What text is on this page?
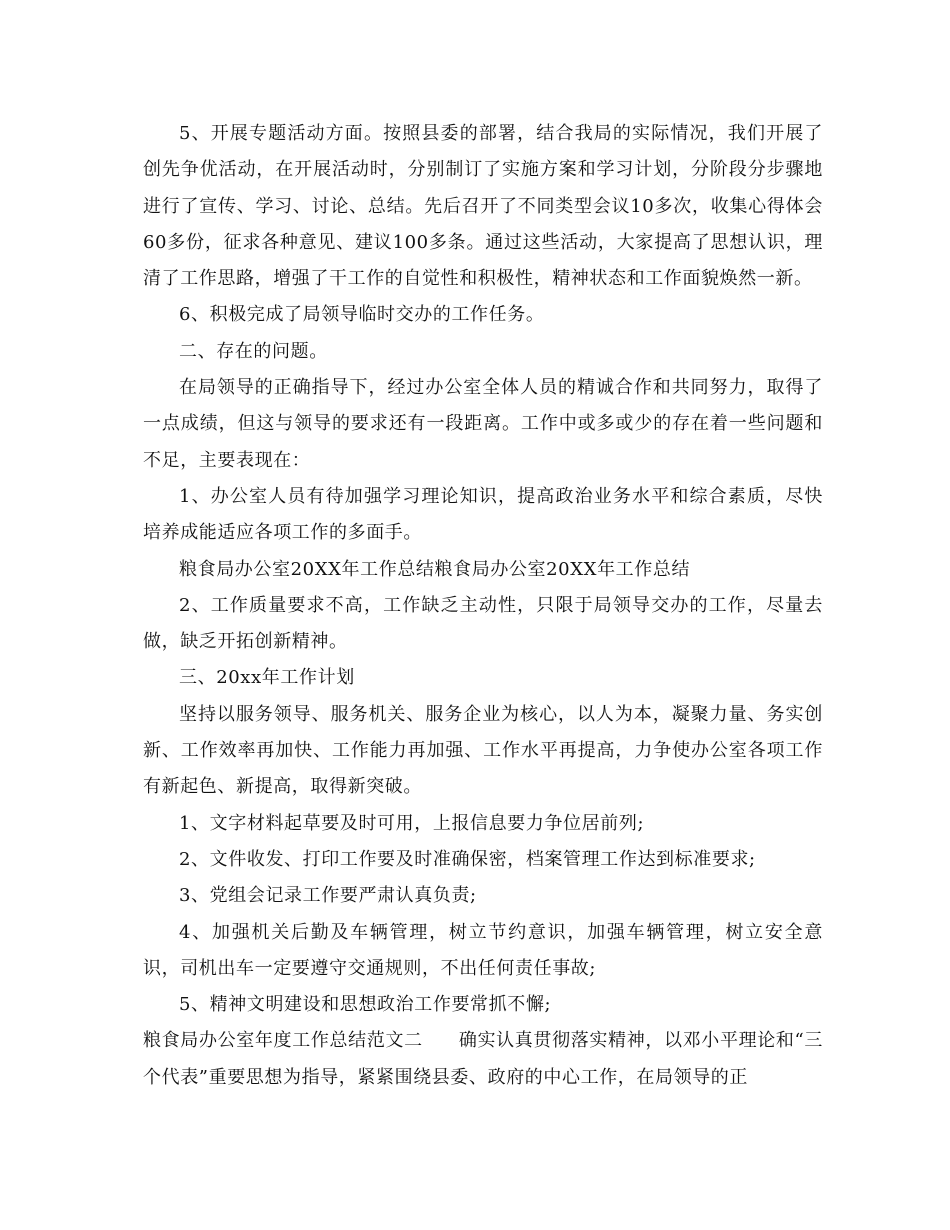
5、开展专题活动方面。按照县委的部署，结合我局的实际情况，我们开展了创先争优活动，在开展活动时，分别制订了实施方案和学习计划，分阶段分步骤地进行了宣传、学习、讨论、总结。先后召开了不同类型会议10多次，收集心得体会60多份，征求各种意见、建议100多条。通过这些活动，大家提高了思想认识，理清了工作思路，增强了干工作的自觉性和积极性，精神状态和工作面貌焕然一新。

6、积极完成了局领导临时交办的工作任务。

二、存在的问题。

在局领导的正确指导下，经过办公室全体人员的精诚合作和共同努力，取得了一点成绩，但这与领导的要求还有一段距离。工作中或多或少的存在着一些问题和不足，主要表现在：

1、办公室人员有待加强学习理论知识，提高政治业务水平和综合素质，尽快培养成能适应各项工作的多面手。

粮食局办公室20XX年工作总结粮食局办公室20XX年工作总结

2、工作质量要求不高，工作缺乏主动性，只限于局领导交办的工作，尽量去做，缺乏开拓创新精神。

三、20xx年工作计划

坚持以服务领导、服务机关、服务企业为核心，以人为本，凝聚力量、务实创新、工作效率再加快、工作能力再加强、工作水平再提高，力争使办公室各项工作有新起色、新提高，取得新突破。

1、文字材料起草要及时可用，上报信息要力争位居前列;

2、文件收发、打印工作要及时准确保密，档案管理工作达到标准要求;

3、党组会记录工作要严肃认真负责;

4、加强机关后勤及车辆管理，树立节约意识，加强车辆管理，树立安全意识，司机出车一定要遵守交通规则，不出任何责任事故;

5、精神文明建设和思想政治工作要常抓不懈;

粮食局办公室年度工作总结范文二 确实认真贯彻落实精神，以邓小平理论和“三个代表”重要思想为指导，紧紧围绕县委、政府的中心工作，在局领导的正
